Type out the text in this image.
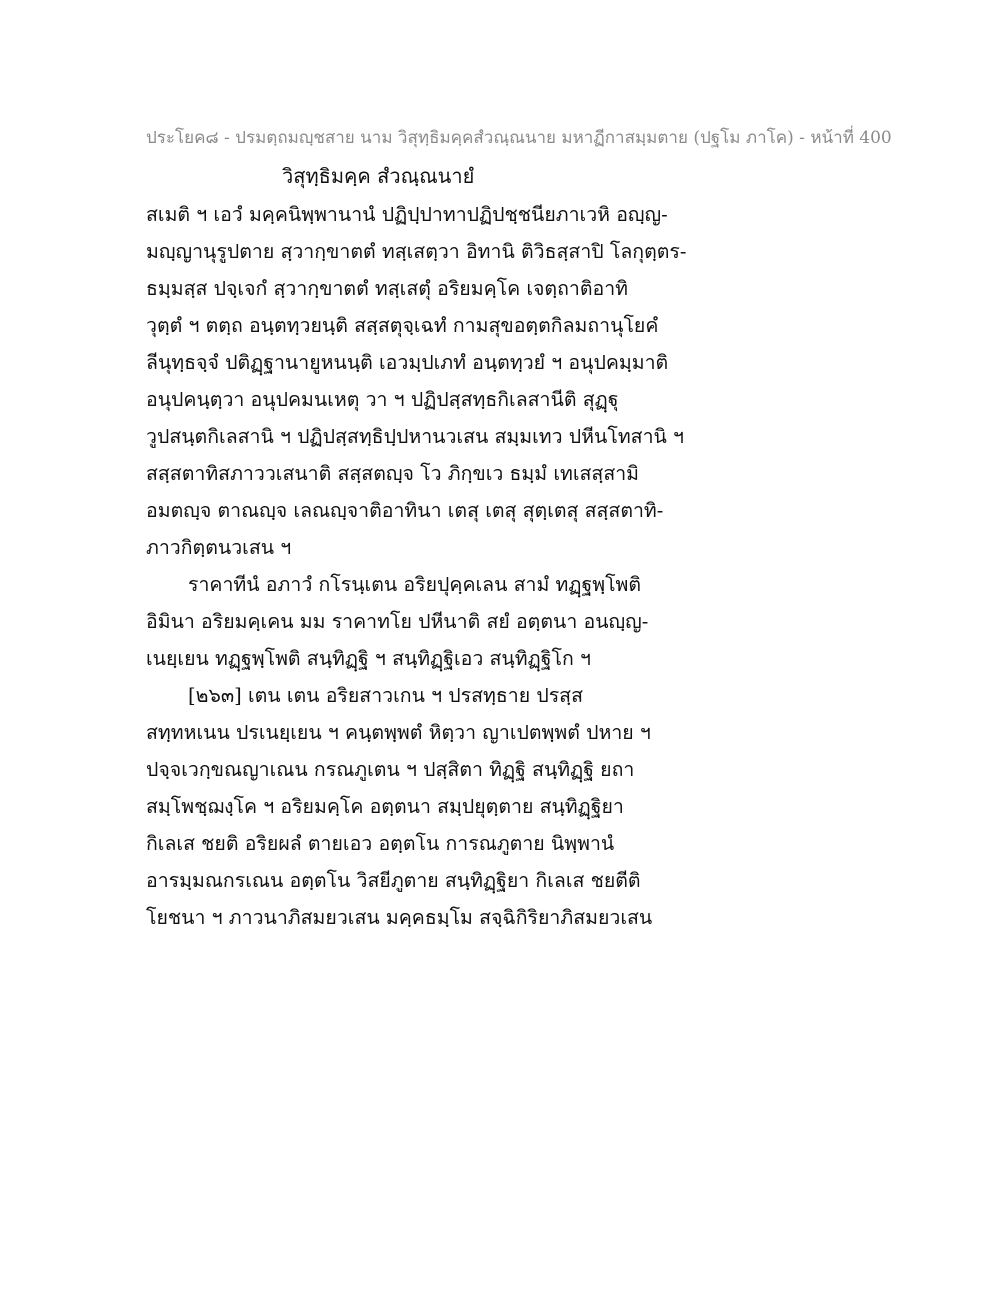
ประโยค๘ - ปรมตฺถมญฺชสาย นาม วิสุทฺธิมคฺคสํวณฺณนาย มหาฏีกาสมฺมตาย (ปฐโม ภาโค) - หน้าที่ 400
วิสุทฺธิมคฺค สํวณฺณนายํ
สเมติ ฯ เอวํ มคฺคนิพฺพานานํ ปฏิปฺปาทาปฏิปชฺชนียภาเวหิ อญฺญ-
มญฺญานุรูปตาย สฺวากฺขาตตํ ทสฺเสตฺวา อิทานิ ติวิธสฺสาปิ โลกุตฺตร-
ธมฺมสฺส ปจฺเจกํ สฺวากฺขาตตํ ทสฺเสตุํ อริยมคฺโค เจตฺถาติอาทิ
วุตฺตํ ฯ ตตฺถ อนฺตทฺวยนฺติ สสฺสตุจฺเฉทํ กามสุขอตฺตกิลมถานุโยคํ
ลีนุทฺธจฺจํ ปติฏฺฐานายูหนนฺติ เอวมฺปเภทํ อนฺตทฺวยํ ฯ อนุปคมฺมาติ
อนุปคนฺตฺวา อนุปคมนเหตุ วา ฯ ปฏิปสฺสทฺธกิเลสานีติ สุฏฺฐุ
วูปสนฺตกิเลสานิ ฯ ปฏิปสฺสทฺธิปฺปหานวเสน สมฺมเทว ปหีนโทสานิ ฯ
สสฺสตาทิสภาววเสนาติ สสฺสตญฺจ โว ภิกฺขเว ธมฺมํ เทเสสฺสามิ
อมตญฺจ ตาณญฺจ เลณญฺจาติอาทินา เตสุ เตสุ สุตฺเตสุ สสฺสตาทิ-
ภาวกิตฺตนวเสน ฯ
ราคาทีนํ อภาวํ กโรนฺเตน อริยปุคฺคเลน สามํ ทฏฺฐพฺโพติ
อิมินา อริยมคฺเคน มม ราคาทโย ปหีนาติ สยํ อตฺตนา อนญฺญ-
เนยฺเยน ทฏฺฐพฺโพติ สนฺทิฏฺฐิ ฯ สนฺทิฏฺฐิเอว สนฺทิฏฺฐิโก ฯ
[๒๖๓] เตน เตน อริยสาวเกน ฯ ปรสทฺธาย ปรสฺส
สทฺทหเนน ปรเนยฺเยน ฯ คนฺตพฺพตํ หิตฺวา ญาเปตพฺพตํ ปหาย ฯ
ปจฺจเวกฺขณญาเณน กรณภูเตน ฯ ปสฺสิตา ทิฏฺฐิ สนฺทิฏฺฐิ ยถา
สมฺโพชฺฌงฺโค ฯ อริยมคฺโค อตฺตนา สมฺปยุตฺตาย สนฺทิฏฺฐิยา
กิเลเส ชยติ อริยผลํ ตายเอว อตฺตโน การณภูตาย นิพฺพานํ
อารมฺมณกรเณน อตฺตโน วิสยีภูตาย สนฺทิฏฺฐิยา กิเลเส ชยตีติ
โยชนา ฯ ภาวนาภิสมยวเสน มคฺคธมฺโม สจฺฉิกิริยาภิสมยวเสน
